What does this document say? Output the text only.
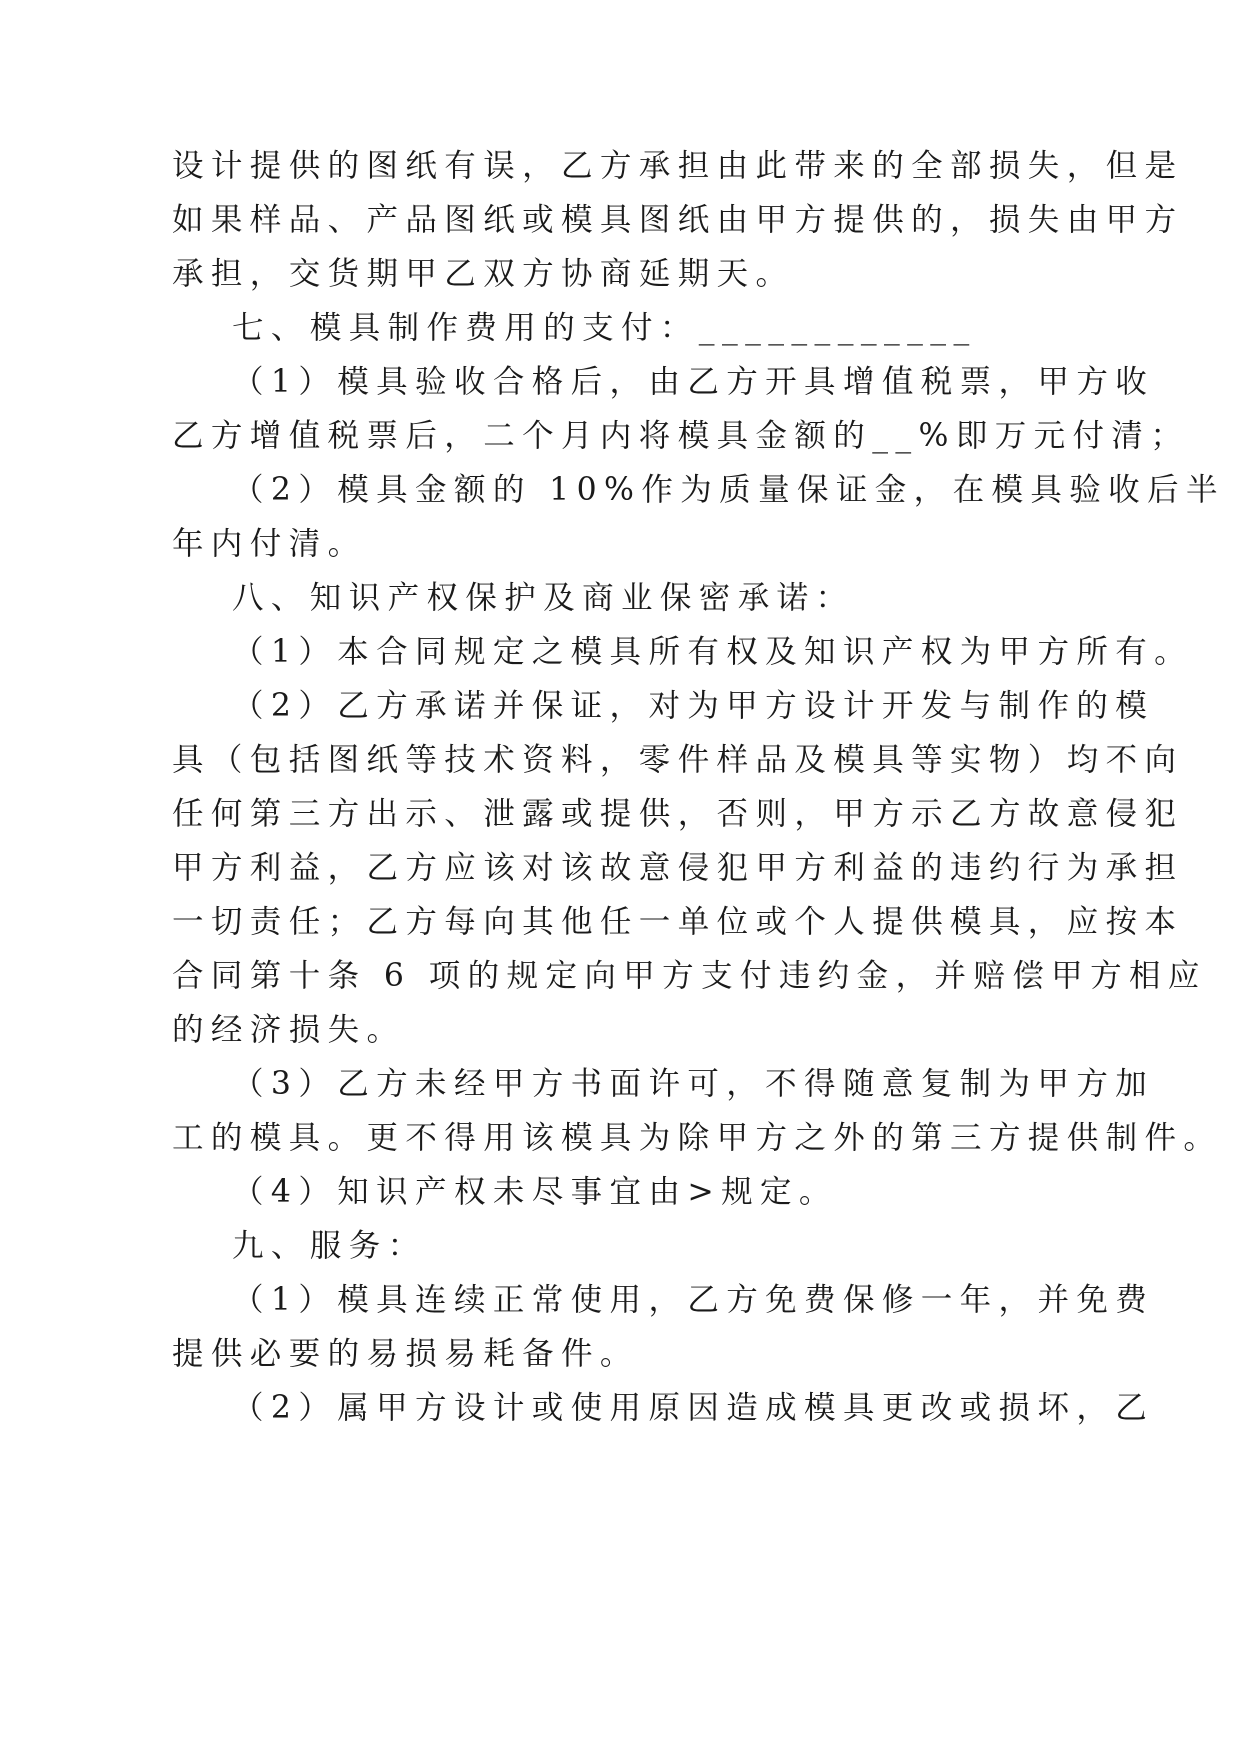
设计提供的图纸有误，乙方承担由此带来的全部损失，但是
如果样品、产品图纸或模具图纸由甲方提供的，损失由甲方
承担，交货期甲乙双方协商延期天。
七、模具制作费用的支付：____________
（1）模具验收合格后，由乙方开具增值税票，甲方收
乙方增值税票后，二个月内将模具金额的__%即万元付清；
（2）模具金额的 10%作为质量保证金，在模具验收后半
年内付清。
八、知识产权保护及商业保密承诺：
（1）本合同规定之模具所有权及知识产权为甲方所有。
（2）乙方承诺并保证，对为甲方设计开发与制作的模
具（包括图纸等技术资料，零件样品及模具等实物）均不向
任何第三方出示、泄露或提供，否则，甲方示乙方故意侵犯
甲方利益，乙方应该对该故意侵犯甲方利益的违约行为承担
一切责任；乙方每向其他任一单位或个人提供模具，应按本
合同第十条 6 项的规定向甲方支付违约金，并赔偿甲方相应
的经济损失。
（3）乙方未经甲方书面许可，不得随意复制为甲方加
工的模具。更不得用该模具为除甲方之外的第三方提供制件。
（4）知识产权未尽事宜由>规定。
九、服务：
（1）模具连续正常使用，乙方免费保修一年，并免费
提供必要的易损易耗备件。
（2）属甲方设计或使用原因造成模具更改或损坏，乙
